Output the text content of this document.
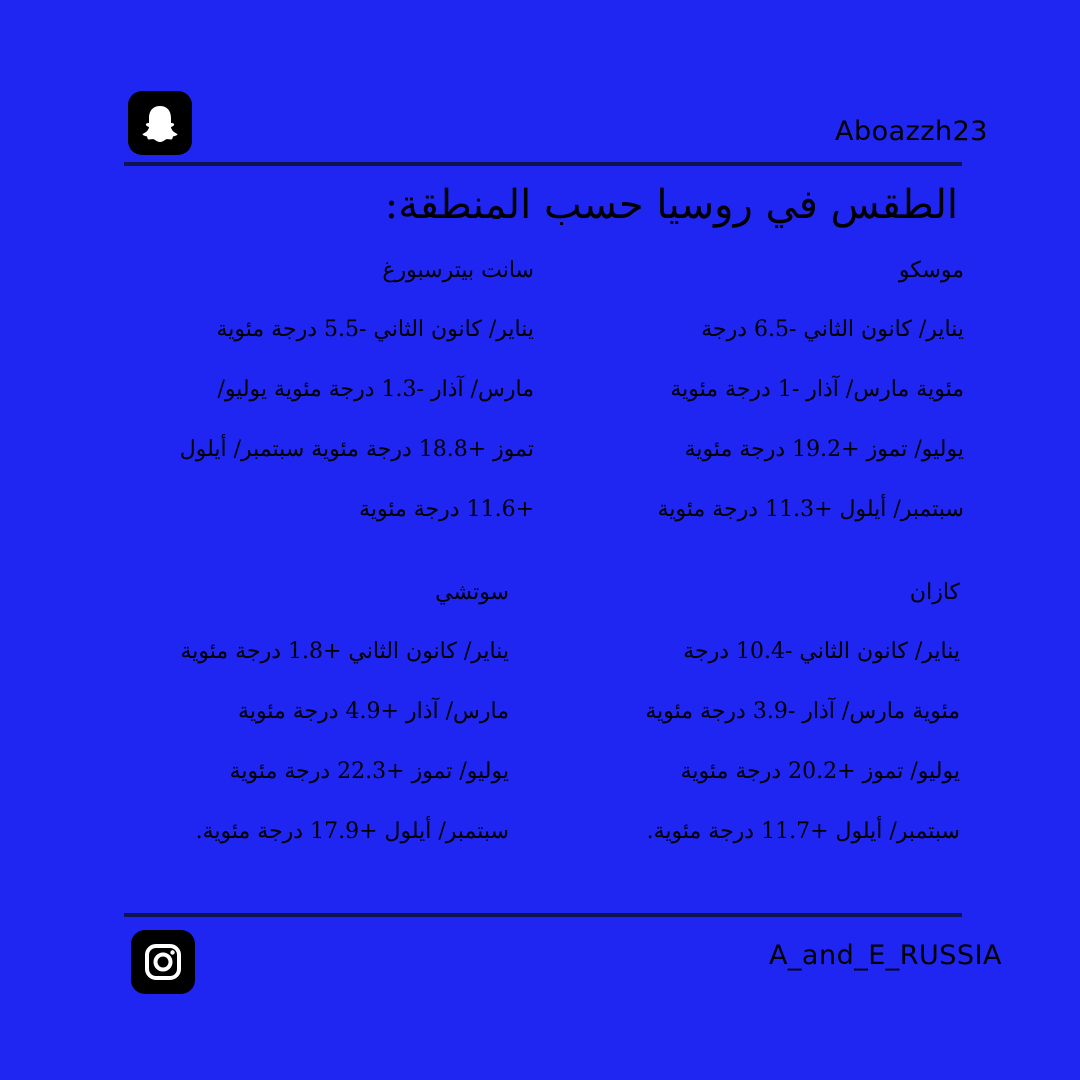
Aboazzh23
الطقس في روسيا حسب المنطقة:
موسكو
يناير/ كانون الثاني -6.5 درجة
مئوية مارس/ آذار -1 درجة مئوية
يوليو/ تموز +19.2 درجة مئوية
سبتمبر/ أيلول +11.3 درجة مئوية
سانت بيترسبورغ
يناير/ كانون الثاني -5.5 درجة مئوية
مارس/ آذار -1.3 درجة مئوية يوليو/
تموز +18.8 درجة مئوية سبتمبر/ أيلول
+11.6 درجة مئوية
كازان
يناير/ كانون الثاني -10.4 درجة
مئوية مارس/ آذار -3.9 درجة مئوية
يوليو/ تموز +20.2 درجة مئوية
سبتمبر/ أيلول +11.7 درجة مئوية.
سوتشي
يناير/ كانون الثاني +1.8 درجة مئوية
مارس/ آذار +4.9 درجة مئوية
يوليو/ تموز +22.3 درجة مئوية
سبتمبر/ أيلول +17.9 درجة مئوية.
A_and_E_RUSSIA
